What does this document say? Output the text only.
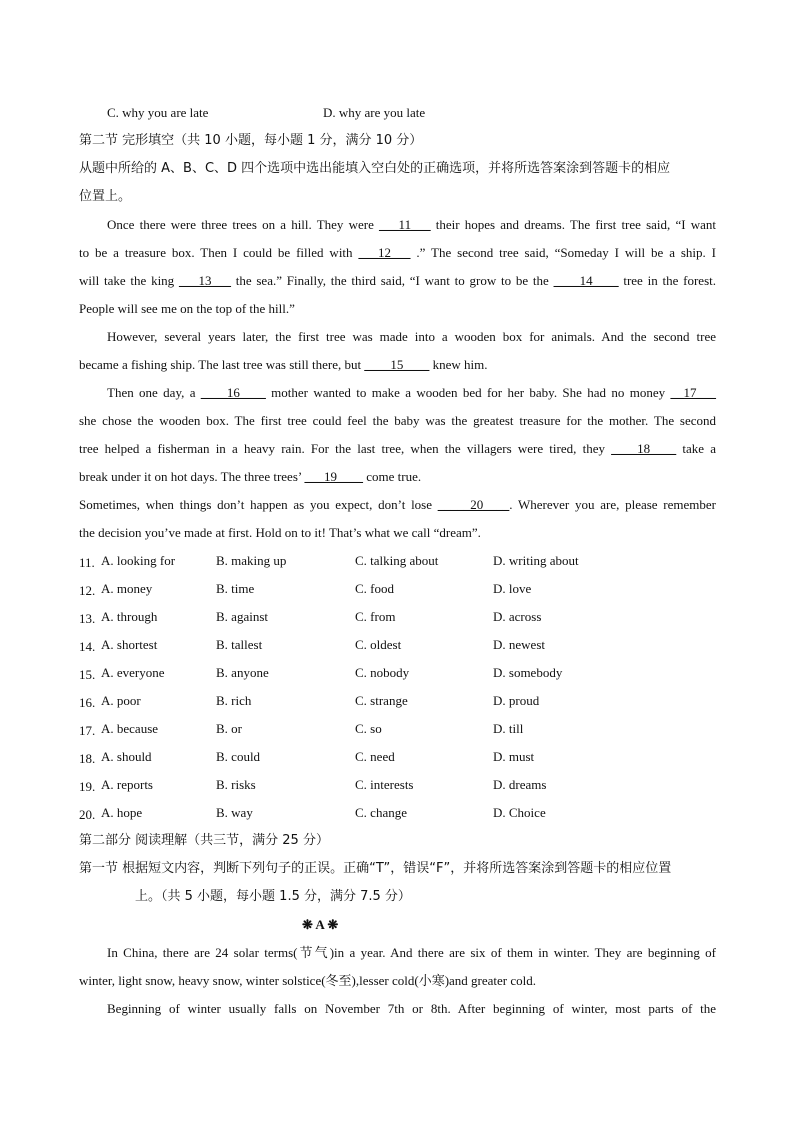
C. why you are late	D. why are you late
第二节 完形填空（共 10 小题，每小题 1 分，满分 10 分）
从题中所给的 A、B、C、D 四个选项中选出能填入空白处的正确选项，并将所选答案涂到答题卡的相应
位置上。
Once there were three trees on a hill. They were ___11___ their hopes and dreams. The first tree said, “I want
to be a treasure box. Then I could be filled with ___12___ .” The second tree said, “Someday I will be a ship. I
will take the king ___13___ the sea.” Finally, the third said, “I want to grow to be the ____14____ tree in the forest.
People will see me on the top of the hill.”
However, several years later, the first tree was made into a wooden box for animals. And the second tree
became a fishing ship. The last tree was still there, but ____15____ knew him.
Then one day, a ____16____ mother wanted to make a wooden bed for her baby. She had no money __17___
she chose the wooden box. The first tree could feel the baby was the greatest treasure for the mother. The second
tree helped a fisherman in a heavy rain. For the last tree, when the villagers were tired, they ____18____ take a
break under it on hot days. The three trees’ ___19____ come true.
Sometimes, when things don’t happen as you expect, don’t lose _____20____. Wherever you are, please remember
the decision you’ve made at first. Hold on to it! That’s what we call “dream”.
11. A. looking for	B. making up	C. talking about	D. writing about
12. A. money	B. time	C. food	D. love
13. A. through	B. against	C. from	D. across
14. A. shortest	B. tallest	C. oldest	D. newest
15. A. everyone	B. anyone	C. nobody	D. somebody
16. A. poor	B. rich	C. strange	D. proud
17. A. because	B. or	C. so	D. till
18. A. should	B. could	C. need	D. must
19. A. reports	B. risks	C. interests	D. dreams
20. A. hope	B. way	C. change	D. Choice
第二部分 阅读理解（共三节，满分 25 分）
第一节 根据短文内容，判断下列句子的正误。正确“T”，错误“F”，并将所选答案涂到答题卡的相应位置
上。（共 5 小题，每小题 1.5 分，满分 7.5 分）
❋ A ❋
In China, there are 24 solar terms(节气)in a year. And there are six of them in winter. They are beginning of
winter, light snow, heavy snow, winter solstice(冬至),lesser cold(小寒)and greater cold.
Beginning of winter usually falls on November 7th or 8th. After beginning of winter, most parts of the
